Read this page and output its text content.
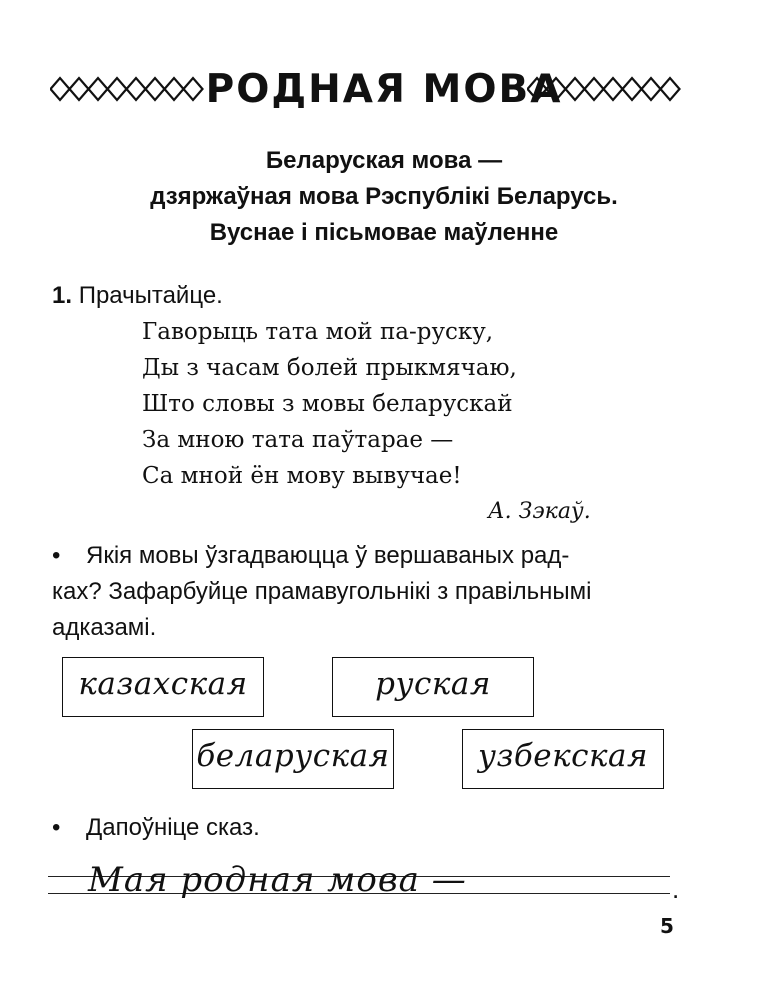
РОДНАЯ МОВА
Беларуская мова —
дзяржаўная мова Рэспублікі Беларусь.
Вуснае і пісьмовае маўленне
1. Прачытайце.
Гаворыць тата мой па-руску,
Ды з часам болей прыкмячаю,
Што словы з мовы беларускай
За мною тата паўтарае —
Са мной ён мову вывучае!
А. Зэкаў.
• Якія мовы ўзгадваюцца ў вершаваных рад-
ках? Зафарбуйце прамавугольнікі з правільнымі
адказамі.
казахская	руская
беларуская	узбекская
• Дапоўніце сказ.
Мая родная мова —	.
5
